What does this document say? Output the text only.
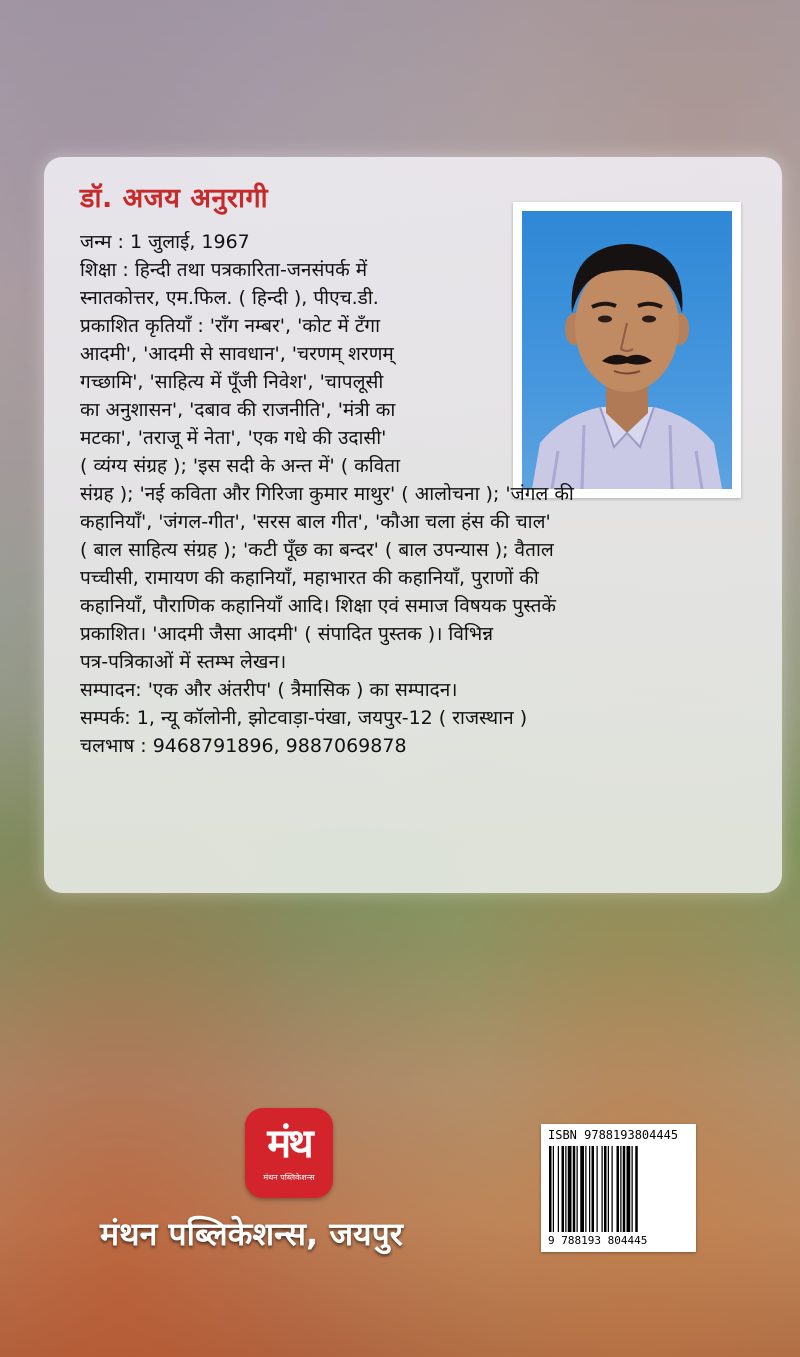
डॉ. अजय अनुरागी
जन्म : 1 जुलाई, 1967
शिक्षा : हिन्दी तथा पत्रकारिता-जनसंपर्क में
स्नातकोत्तर, एम.फिल. ( हिन्दी ), पीएच.डी.
प्रकाशित कृतियाँ : 'राँग नम्बर', 'कोट में टँगा
आदमी', 'आदमी से सावधान', 'चरणम् शरणम्
गच्छामि', 'साहित्य में पूँजी निवेश', 'चापलूसी
का अनुशासन', 'दबाव की राजनीति', 'मंत्री का
मटका', 'तराजू में नेता', 'एक गधे की उदासी'
( व्यंग्य संग्रह ); 'इस सदी के अन्त में' ( कविता
संग्रह ); 'नई कविता और गिरिजा कुमार माथुर' ( आलोचना ); 'जंगल की
कहानियाँ', 'जंगल-गीत', 'सरस बाल गीत', 'कौआ चला हंस की चाल'
( बाल साहित्य संग्रह ); 'कटी पूँछ का बन्दर' ( बाल उपन्यास ); वैताल
पच्चीसी, रामायण की कहानियाँ, महाभारत की कहानियाँ, पुराणों की
कहानियाँ, पौराणिक कहानियाँ आदि। शिक्षा एवं समाज विषयक पुस्तकें
प्रकाशित। 'आदमी जैसा आदमी' ( संपादित पुस्तक )। विभिन्न
पत्र-पत्रिकाओं में स्तम्भ लेखन।
सम्पादन: 'एक और अंतरीप' ( त्रैमासिक ) का सम्पादन।
सम्पर्क: 1, न्यू कॉलोनी, झोटवाड़ा-पंखा, जयपुर-12 ( राजस्थान )
चलभाष : 9468791896, 9887069878
मंथ
मंथन पब्लिकेशन्स
मंथन पब्लिकेशन्स, जयपुर
ISBN 9788193804445
9 788193 804445
